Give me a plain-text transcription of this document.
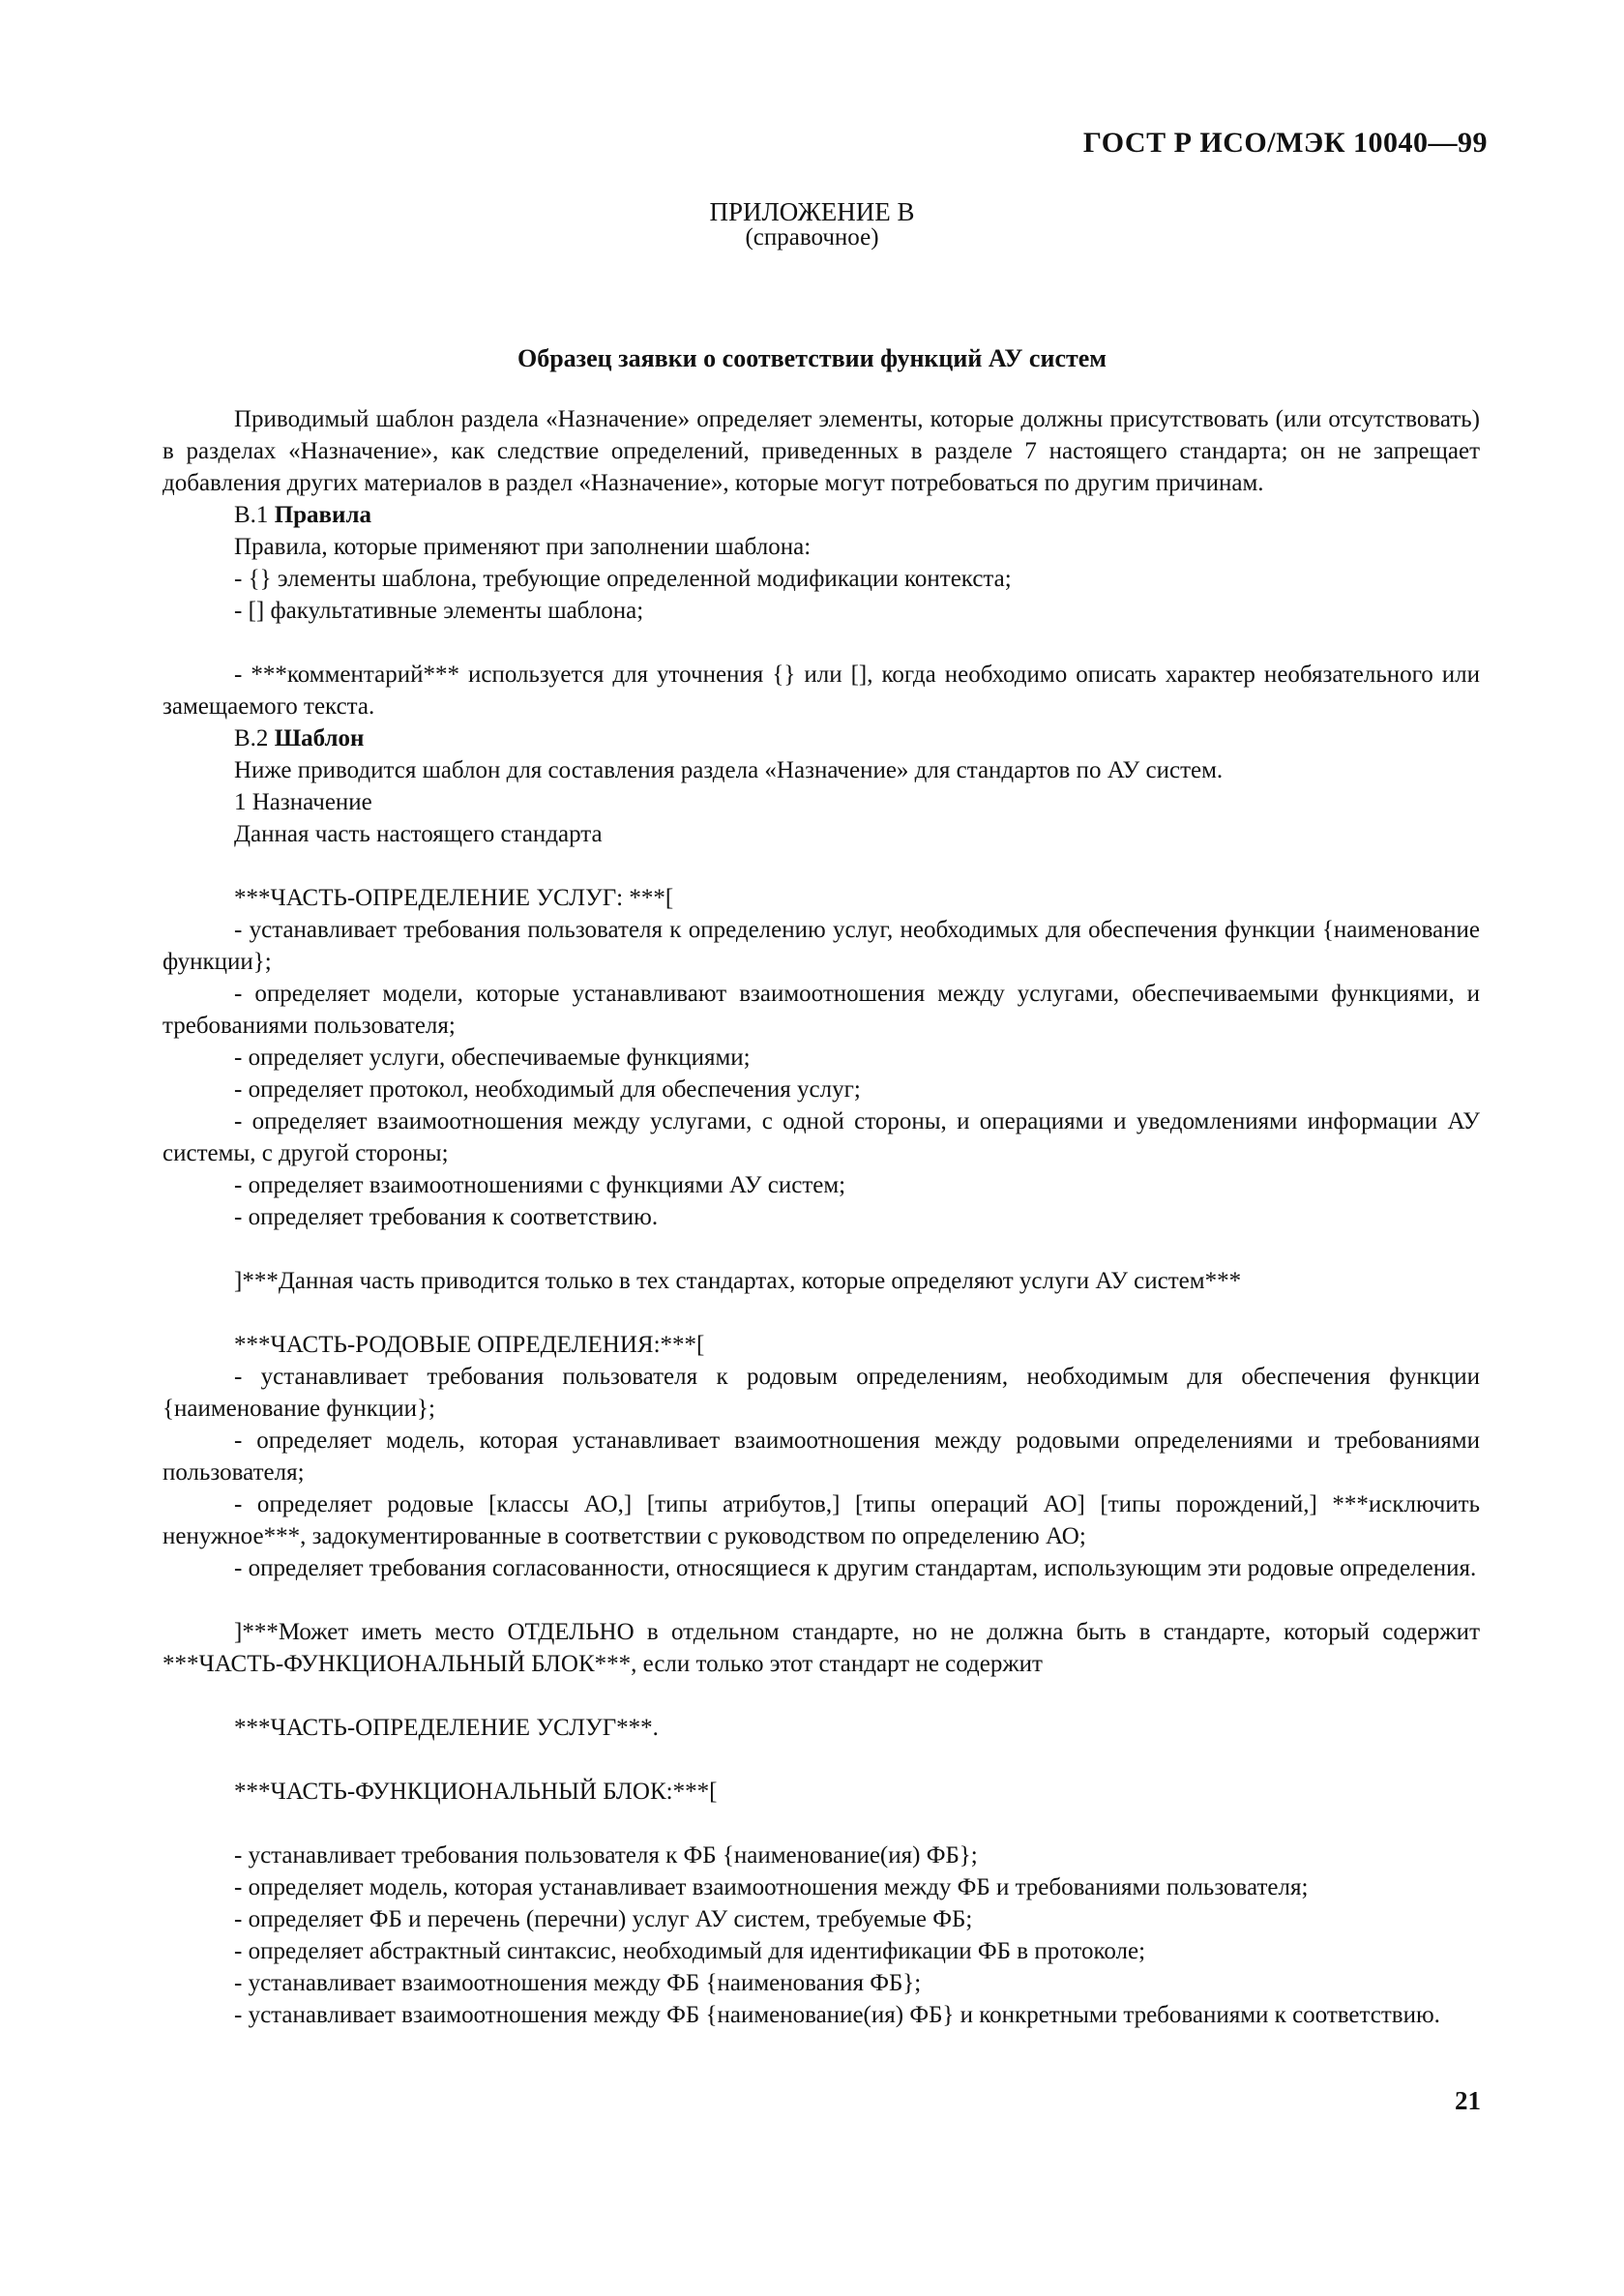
ГОСТ Р ИСО/МЭК 10040—99
ПРИЛОЖЕНИЕ В
(справочное)
Образец заявки о соответствии функций АУ систем

Приводимый шаблон раздела «Назначение» определяет элементы, которые должны присутствовать (или отсутствовать) в разделах «Назначение», как следствие определений, приведенных в разделе 7 настоящего стандарта; он не запрещает добавления других материалов в раздел «Назначение», которые могут потребоваться по другим причинам.

В.1 Правила

Правила, которые применяют при заполнении шаблона:

- {} элементы шаблона, требующие определенной модификации контекста;

- [] факультативные элементы шаблона;

- ***комментарий*** используется для уточнения {} или [], когда необходимо описать характер необязательного или замещаемого текста.

В.2 Шаблон

Ниже приводится шаблон для составления раздела «Назначение» для стандартов по АУ систем.

1 Назначение

Данная часть настоящего стандарта

***ЧАСТЬ-ОПРЕДЕЛЕНИЕ УСЛУГ: ***[

- устанавливает требования пользователя к определению услуг, необходимых для обеспечения функции {наименование функции};

- определяет модели, которые устанавливают взаимоотношения между услугами, обеспечиваемыми функциями, и требованиями пользователя;

- определяет услуги, обеспечиваемые функциями;

- определяет протокол, необходимый для обеспечения услуг;

- определяет взаимоотношения между услугами, с одной стороны, и операциями и уведомлениями информации АУ системы, с другой стороны;

- определяет взаимоотношениями с функциями АУ систем;

- определяет требования к соответствию.

]***Данная часть приводится только в тех стандартах, которые определяют услуги АУ систем***

***ЧАСТЬ-РОДОВЫЕ ОПРЕДЕЛЕНИЯ:***[

- устанавливает требования пользователя к родовым определениям, необходимым для обеспечения функции {наименование функции};

- определяет модель, которая устанавливает взаимоотношения между родовыми определениями и требованиями пользователя;

- определяет родовые [классы АО,] [типы атрибутов,] [типы операций АО] [типы порождений,] ***исключить ненужное***, задокументированные в соответствии с руководством по определению АО;

- определяет требования согласованности, относящиеся к другим стандартам, использующим эти родовые определения.

]***Может иметь место ОТДЕЛЬНО в отдельном стандарте, но не должна быть в стандарте, который содержит ***ЧАСТЬ-ФУНКЦИОНАЛЬНЫЙ БЛОК***, если только этот стандарт не содержит

***ЧАСТЬ-ОПРЕДЕЛЕНИЕ УСЛУГ***.

***ЧАСТЬ-ФУНКЦИОНАЛЬНЫЙ БЛОК:***[

- устанавливает требования пользователя к ФБ {наименование(ия) ФБ};

- определяет модель, которая устанавливает взаимоотношения между ФБ и требованиями пользователя;

- определяет ФБ и перечень (перечни) услуг АУ систем, требуемые ФБ;

- определяет абстрактный синтаксис, необходимый для идентификации ФБ в протоколе;

- устанавливает взаимоотношения между ФБ {наименования ФБ};

- устанавливает взаимоотношения между ФБ {наименование(ия) ФБ} и конкретными требованиями к соответствию.

21
